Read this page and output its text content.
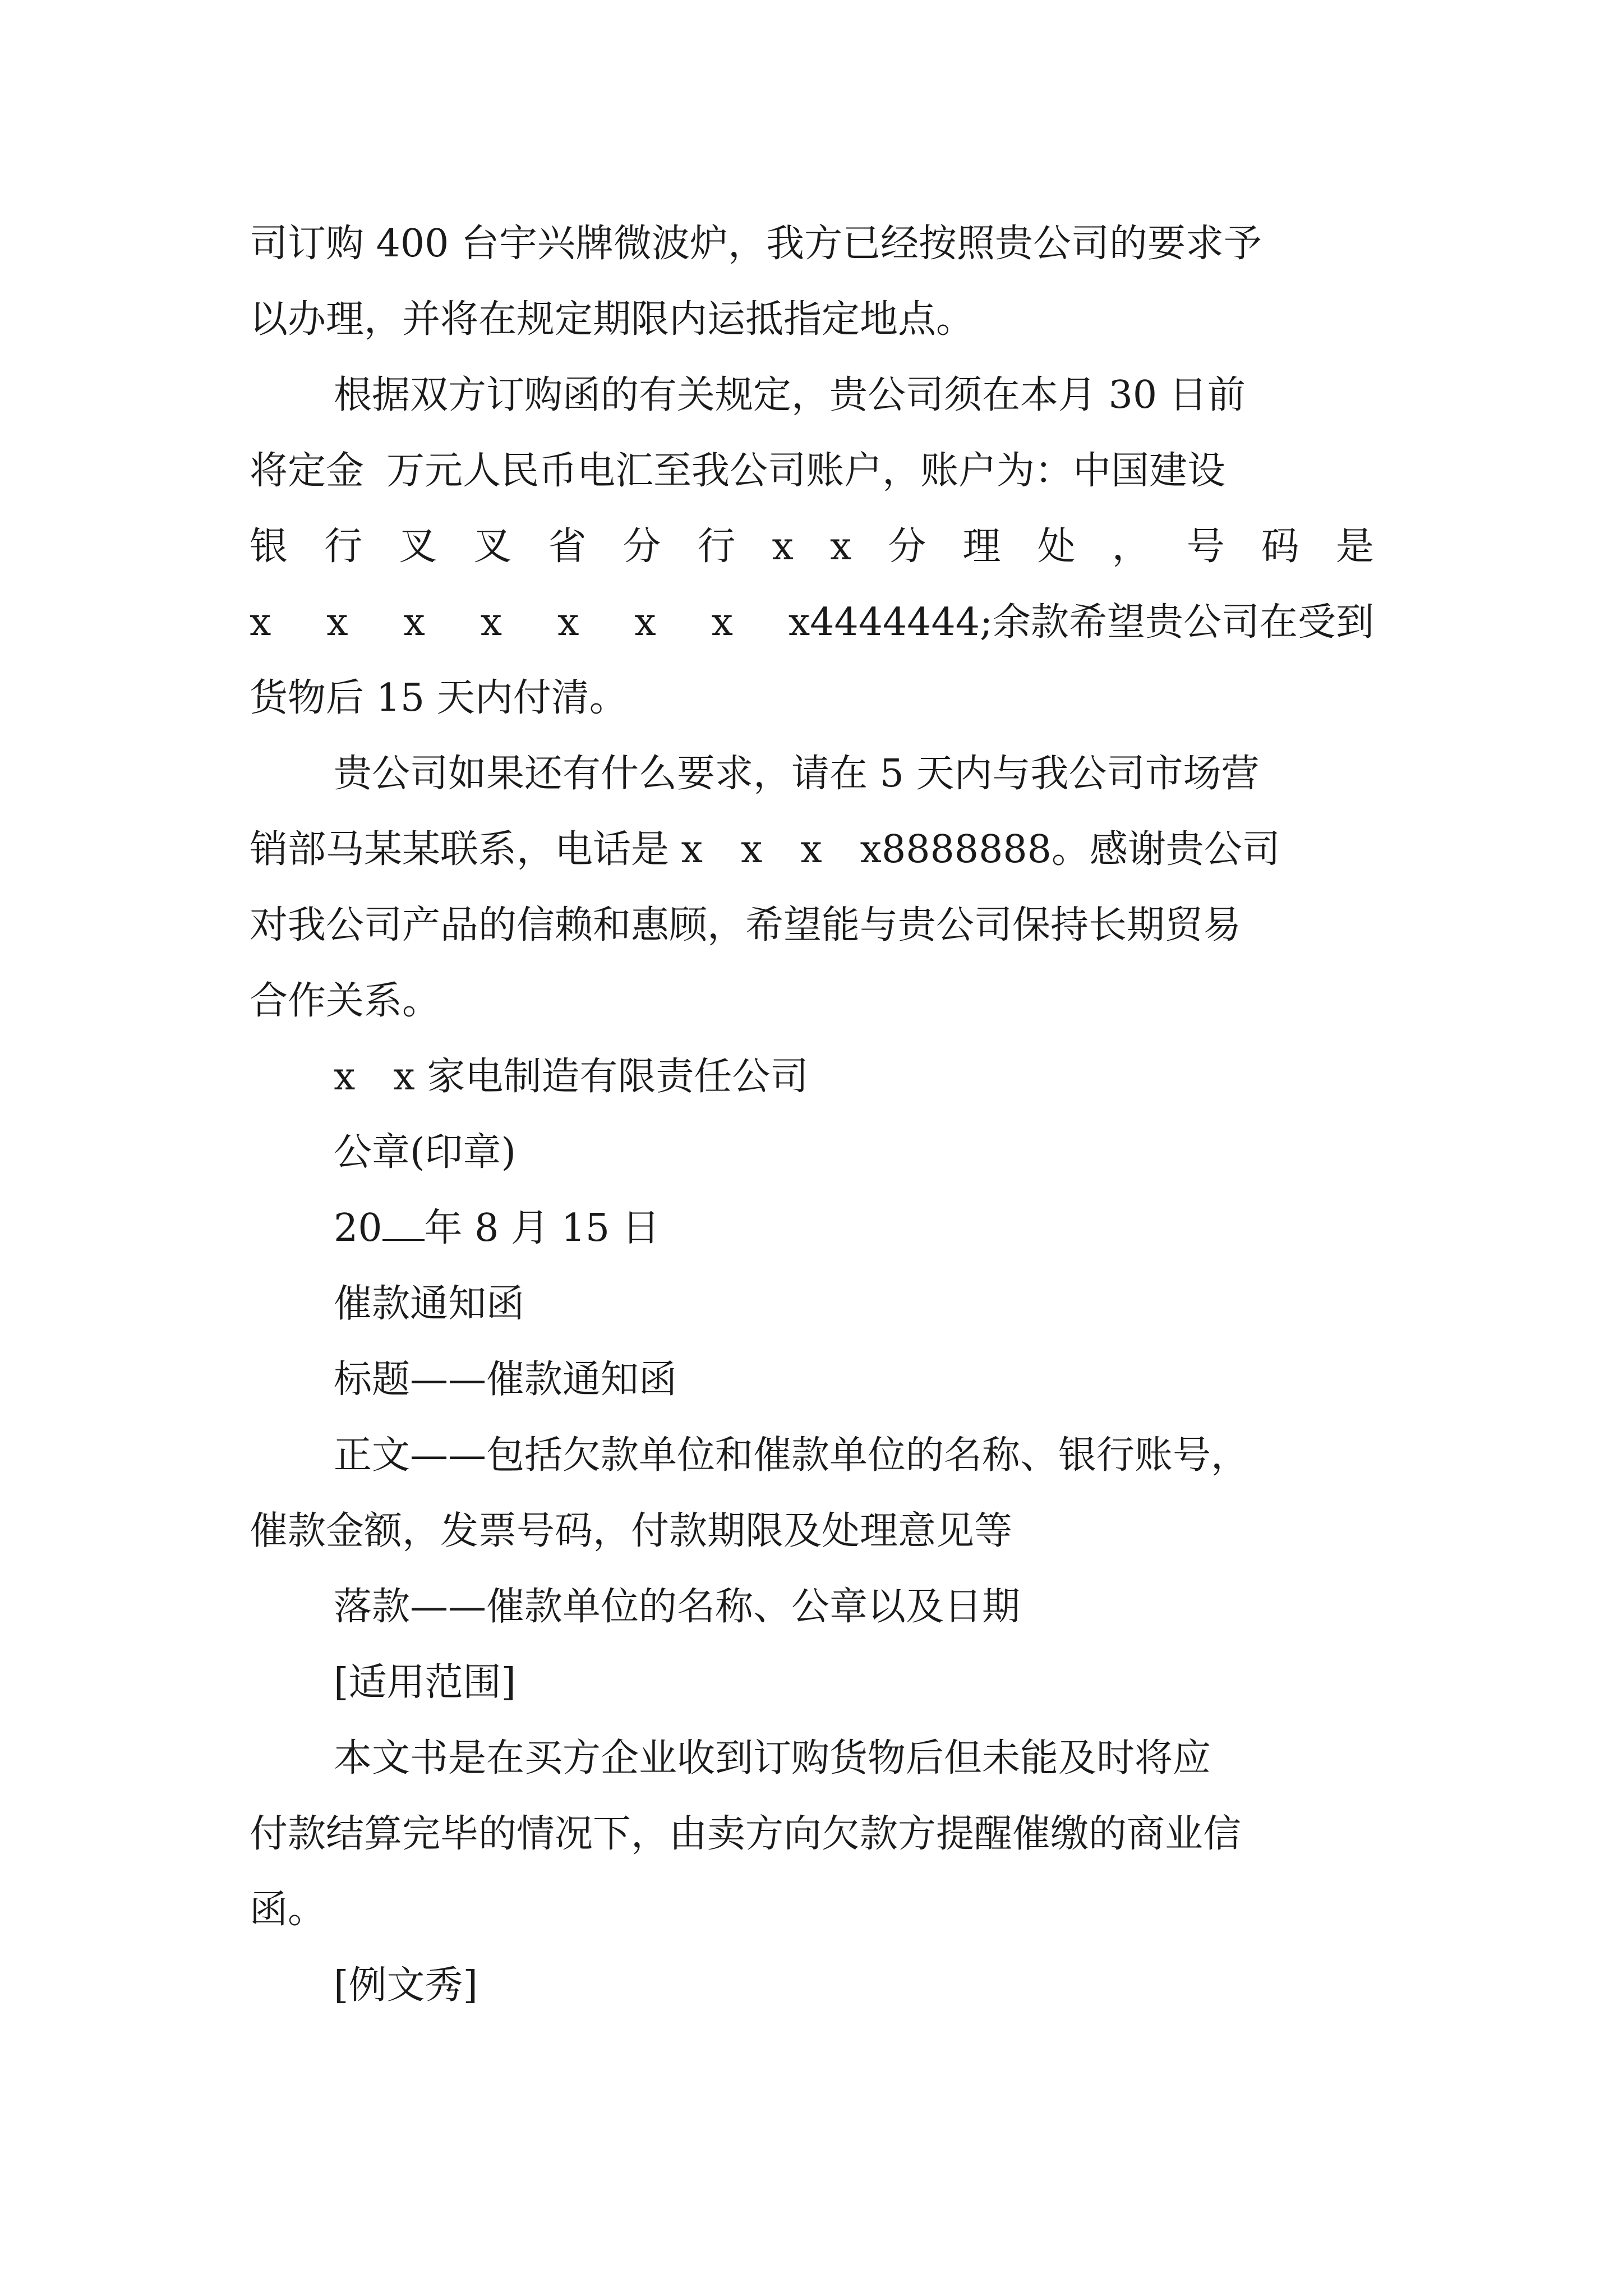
司订购 400 台宇兴牌微波炉，我方已经按照贵公司的要求予
以办理，并将在规定期限内运抵指定地点。
根据双方订购函的有关规定，贵公司须在本月 30 日前
将定金 万元人民币电汇至我公司账户，账户为：中国建设
银 行 叉 叉 省 分 行 x x 分 理 处 ， 号 码 是
x x x x x x x x4444444;余款希望贵公司在受到
货物后 15 天内付清。
贵公司如果还有什么要求，请在 5 天内与我公司市场营
销部马某某联系，电话是 x　x　x　x8888888。感谢贵公司
对我公司产品的信赖和惠顾，希望能与贵公司保持长期贸易
合作关系。
x　x 家电制造有限责任公司
公章(印章)
20 年 8 月 15 日
催款通知函
标题——催款通知函
正文——包括欠款单位和催款单位的名称、银行账号，
催款金额，发票号码，付款期限及处理意见等
落款——催款单位的名称、公章以及日期
[适用范围]
本文书是在买方企业收到订购货物后但未能及时将应
付款结算完毕的情况下，由卖方向欠款方提醒催缴的商业信
函。
[例文秀]
